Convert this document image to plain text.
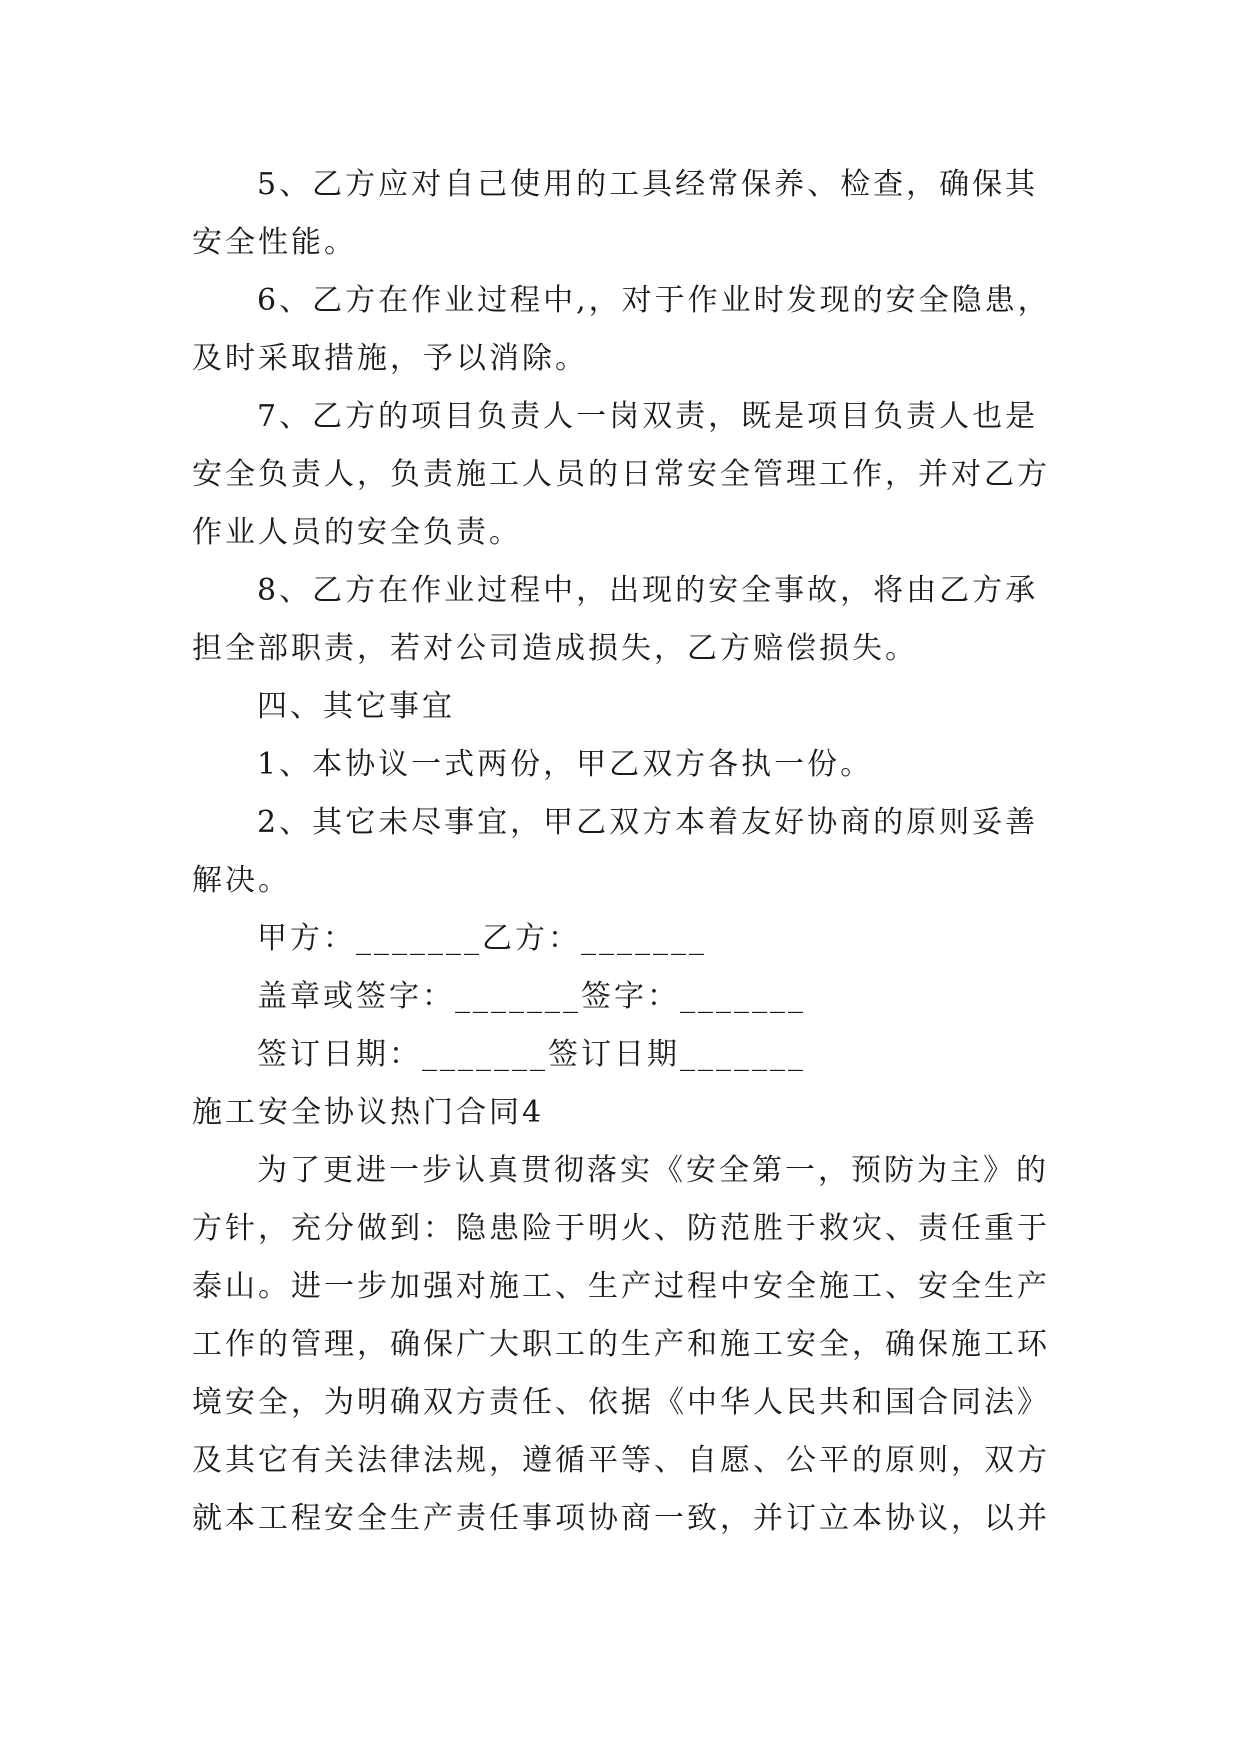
5、乙方应对自己使用的工具经常保养、检查，确保其
安全性能。
6、乙方在作业过程中,，对于作业时发现的安全隐患，
及时采取措施，予以消除。
7、乙方的项目负责人一岗双责，既是项目负责人也是
安全负责人，负责施工人员的日常安全管理工作，并对乙方
作业人员的安全负责。
8、乙方在作业过程中，出现的安全事故，将由乙方承
担全部职责，若对公司造成损失，乙方赔偿损失。
四、其它事宜
1、本协议一式两份，甲乙双方各执一份。
2、其它未尽事宜，甲乙双方本着友好协商的原则妥善
解决。
甲方：_______乙方：_______
盖章或签字：_______签字：_______
签订日期：_______签订日期_______
施工安全协议热门合同4
为了更进一步认真贯彻落实《安全第一，预防为主》的
方针，充分做到：隐患险于明火、防范胜于救灾、责任重于
泰山。进一步加强对施工、生产过程中安全施工、安全生产
工作的管理，确保广大职工的生产和施工安全，确保施工环
境安全，为明确双方责任、依据《中华人民共和国合同法》
及其它有关法律法规，遵循平等、自愿、公平的原则，双方
就本工程安全生产责任事项协商一致，并订立本协议，以并
